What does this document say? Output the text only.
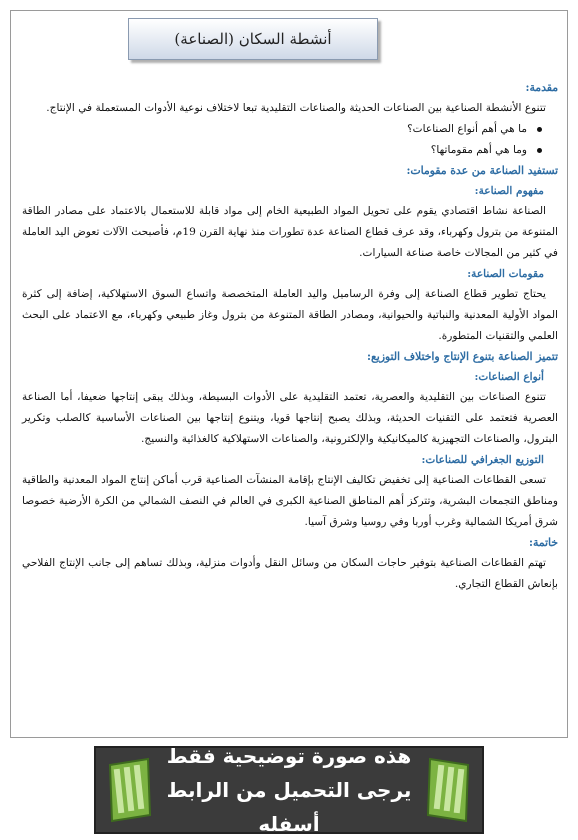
أنشطة السكان (الصناعة)
مقدمة:
تتنوع الأنشطة الصناعية بين الصناعات الحديثة والصناعات التقليدية تبعا لاختلاف نوعية الأدوات المستعملة في الإنتاج.
ما هي أهم أنواع الصناعات؟
وما هي أهم مقوماتها؟
تستفيد الصناعة من عدة مقومات:
مفهوم الصناعة:
الصناعة نشاط اقتصادي يقوم على تحويل المواد الطبيعية الخام إلى مواد قابلة للاستعمال بالاعتماد على مصادر الطاقة المتنوعة من بترول وكهرباء، وقد عرف قطاع الصناعة عدة تطورات منذ نهاية القرن 19م، فأصبحت الآلات تعوض اليد العاملة في كثير من المجالات خاصة صناعة السيارات.
مقومات الصناعة:
يحتاج تطوير قطاع الصناعة إلى وفرة الرساميل واليد العاملة المتخصصة واتساع السوق الاستهلاكية، إضافة إلى كثرة المواد الأولية المعدنية والنباتية والحيوانية، ومصادر الطاقة المتنوعة من بترول وغاز طبيعي وكهرباء، مع الاعتماد على البحث العلمي والتقنيات المتطورة.
تتميز الصناعة بتنوع الإنتاج واختلاف التوزيع:
أنواع الصناعات:
تتنوع الصناعات بين التقليدية والعصرية، تعتمد التقليدية على الأدوات البسيطة، وبذلك يبقى إنتاجها ضعيفا، أما الصناعة العصرية فتعتمد على التقنيات الحديثة، وبذلك يصبح إنتاجها قويا، ويتنوع إنتاجها بين الصناعات الأساسية كالصلب وتكرير البترول، والصناعات التجهيزية كالميكانيكية والإلكترونية، والصناعات الاستهلاكية كالغذائية والنسيج.
التوزيع الجغرافي للصناعات:
تسعى القطاعات الصناعية إلى تخفيض تكاليف الإنتاج بإقامة المنشآت الصناعية قرب أماكن إنتاج المواد المعدنية والطاقية ومناطق التجمعات البشرية، وتتركز أهم المناطق الصناعية الكبرى في العالم في النصف الشمالي من الكرة الأرضية خصوصا شرق أمريكا الشمالية وغرب أوربا وفي روسيا وشرق آسيا.
خاتمة:
تهتم القطاعات الصناعية بتوفير حاجات السكان من وسائل النقل وأدوات منزلية، وبذلك تساهم إلى جانب الإنتاج الفلاحي بإنعاش القطاع التجاري.
هذه صورة توضيحية فقط
يرجى التحميل من الرابط أسفله
